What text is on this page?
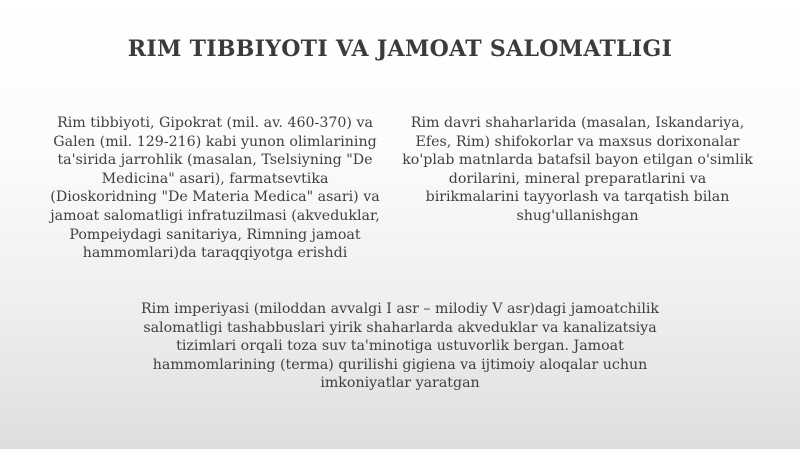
RIM TIBBIYOTI VA JAMOAT SALOMATLIGI
Rim tibbiyoti, Gipokrat (mil. av. 460-370) va Galen (mil. 129-216) kabi yunon olimlarining ta'sirida jarrohlik (masalan, Tselsiyning "De Medicina" asari), farmatsevtika (Dioskoridning "De Materia Medica" asari) va jamoat salomatligi infratuzilmasi (akveduklar, Pompeiydagi sanitariya, Rimning jamoat hammomlari)da taraqqiyotga erishdi
Rim davri shaharlarida (masalan, Iskandariya, Efes, Rim) shifokorlar va maxsus dorixonalar ko'plab matnlarda batafsil bayon etilgan o'simlik dorilarini, mineral preparatlarini va birikmalarini tayyorlash va tarqatish bilan shug'ullanishgan
Rim imperiyasi (miloddan avvalgi I asr – milodiy V asr)dagi jamoatchilik salomatligi tashabbuslari yirik shaharlarda akveduklar va kanalizatsiya tizimlari orqali toza suv ta'minotiga ustuvorlik bergan. Jamoat hammomlarining (terma) qurilishi gigiena va ijtimoiy aloqalar uchun imkoniyatlar yaratgan
